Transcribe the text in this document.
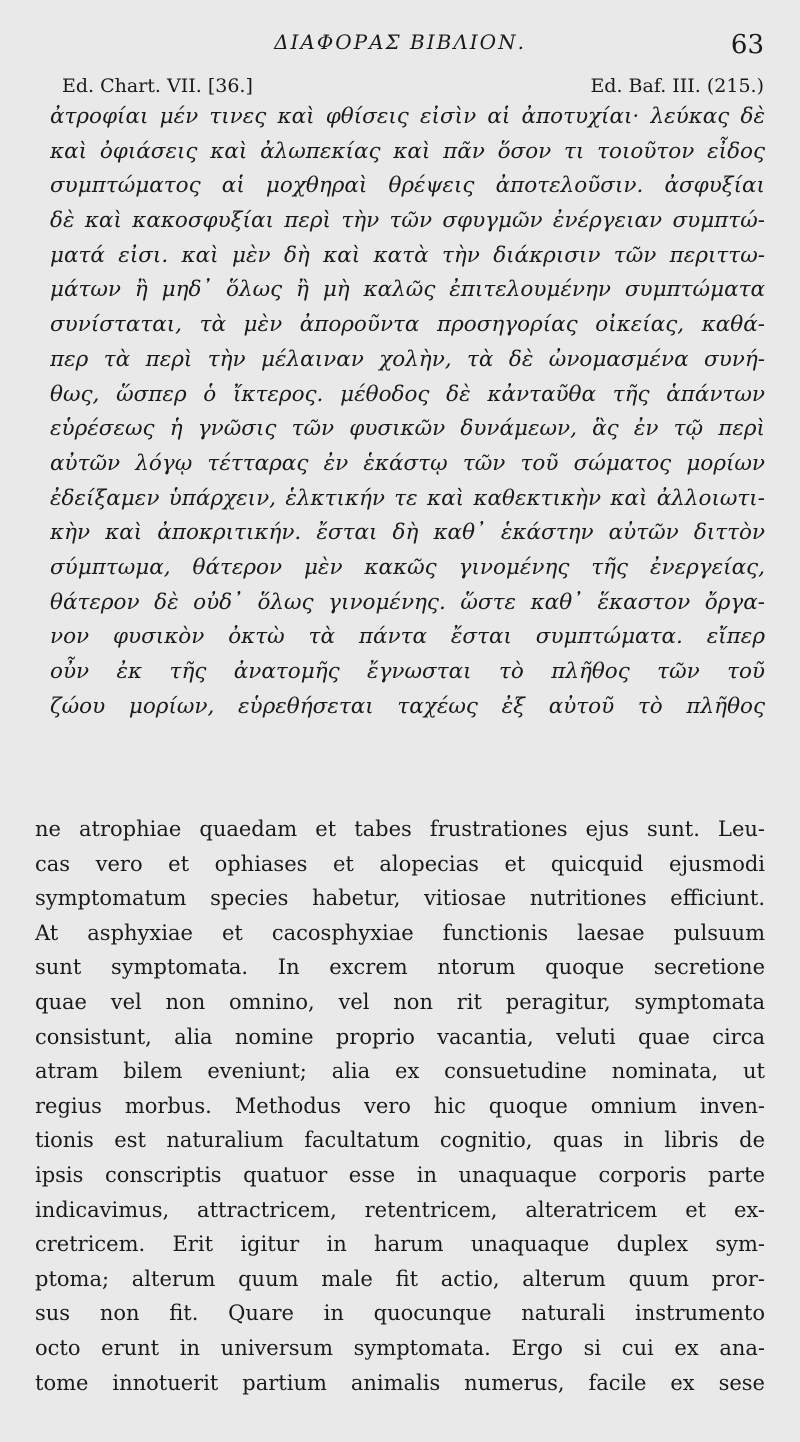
ΔΙΑΦΟΡΑΣ ΒΙΒΛΙΟΝ.	63
Ed. Chart. VII. [36.]	Ed. Baf. III. (215.)
ἀτροφίαι μέν τινες καὶ φθίσεις εἰσὶν αἱ ἀποτυχίαι· λεύκας δὲ
καὶ ὀφιάσεις καὶ ἀλωπεκίας καὶ πᾶν ὅσον τι τοιοῦτον εἶδος
συμπτώματος αἱ μοχθηραὶ θρέψεις ἀποτελοῦσιν. ἀσφυξίαι
δὲ καὶ κακοσφυξίαι περὶ τὴν τῶν σφυγμῶν ἐνέργειαν συμπτώ-
ματά εἰσι. καὶ μὲν δὴ καὶ κατὰ τὴν διάκρισιν τῶν περιττω-
μάτων ἢ μηδ᾽ ὅλως ἢ μὴ καλῶς ἐπιτελουμένην συμπτώματα
συνίσταται, τὰ μὲν ἀποροῦντα προσηγορίας οἰκείας, καθά-
περ τὰ περὶ τὴν μέλαιναν χολὴν, τὰ δὲ ὠνομασμένα συνή-
θως, ὥσπερ ὁ ἴκτερος. μέθοδος δὲ κἀνταῦθα τῆς ἁπάντων
εὑρέσεως ἡ γνῶσις τῶν φυσικῶν δυνάμεων, ἃς ἐν τῷ περὶ
αὐτῶν λόγῳ τέτταρας ἐν ἑκάστῳ τῶν τοῦ σώματος μορίων
ἐδείξαμεν ὑπάρχειν, ἑλκτικήν τε καὶ καθεκτικὴν καὶ ἀλλοιωτι-
κὴν καὶ ἀποκριτικήν. ἔσται δὴ καθ᾽ ἑκάστην αὐτῶν διττὸν
σύμπτωμα, θάτερον μὲν κακῶς γινομένης τῆς ἐνεργείας,
θάτερον δὲ οὐδ᾽ ὅλως γινομένης. ὥστε καθ᾽ ἕκαστον ὄργα-
νον φυσικὸν ὀκτὼ τὰ πάντα ἔσται συμπτώματα. εἴπερ
οὖν ἐκ τῆς ἀνατομῆς ἔγνωσται τὸ πλῆθος τῶν τοῦ
ζώου μορίων, εὑρεθήσεται ταχέως ἐξ αὐτοῦ τὸ πλῆθος
ne atrophiae quaedam et tabes frustrationes ejus sunt. Leu-
cas vero et ophiases et alopecias et quicquid ejusmodi
symptomatum species habetur, vitiosae nutritiones efficiunt.
At asphyxiae et cacosphyxiae functionis laesae pulsuum
sunt symptomata. In excrem ntorum quoque secretione
quae vel non omnino, vel non rit peragitur, symptomata
consistunt, alia nomine proprio vacantia, veluti quae circa
atram bilem eveniunt; alia ex consuetudine nominata, ut
regius morbus. Methodus vero hic quoque omnium inven-
tionis est naturalium facultatum cognitio, quas in libris de
ipsis conscriptis quatuor esse in unaquaque corporis parte
indicavimus, attractricem, retentricem, alteratricem et ex-
cretricem. Erit igitur in harum unaquaque duplex sym-
ptoma; alterum quum male fit actio, alterum quum pror-
sus non fit. Quare in quocunque naturali instrumento
octo erunt in universum symptomata. Ergo si cui ex ana-
tome innotuerit partium animalis numerus, facile ex sese
